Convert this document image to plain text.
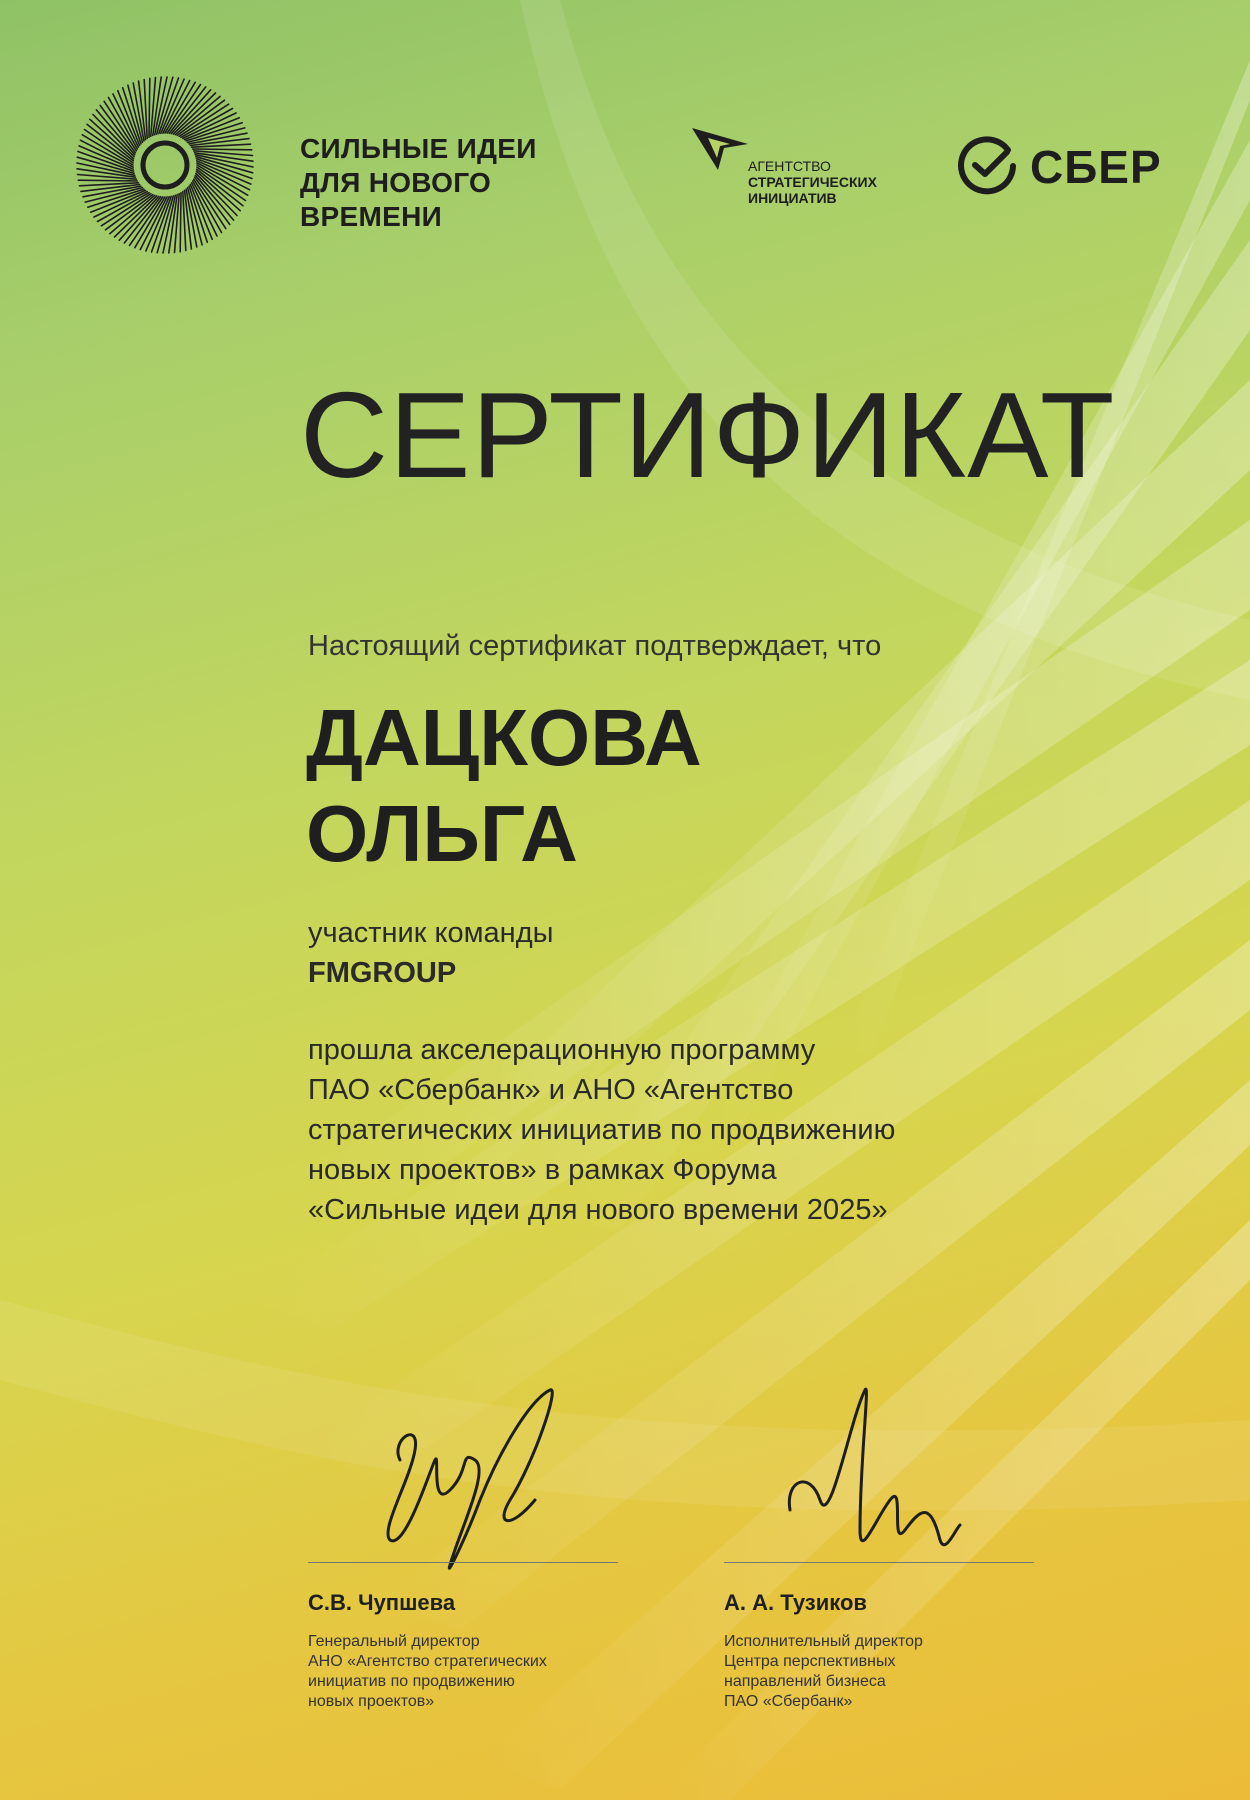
СИЛЬНЫЕ ИДЕИ
ДЛЯ НОВОГО
ВРЕМЕНИ
АГЕНТСТВО
СТРАТЕГИЧЕСКИХ
ИНИЦИАТИВ
СБЕР
СЕРТИФИКАТ
Настоящий сертификат подтверждает, что
ДАЦКОВА
ОЛЬГА
участник команды
FMGROUP
прошла акселерационную программу
ПАО «Сбербанк» и АНО «Агентство
стратегических инициатив по продвижению
новых проектов» в рамках Форума
«Сильные идеи для нового времени 2025»
С.В. Чупшева
Генеральный директор
АНО «Агентство стратегических
инициатив по продвижению
новых проектов»
А. А. Тузиков
Исполнительный директор
Центра перспективных
направлений бизнеса
ПАО «Сбербанк»
